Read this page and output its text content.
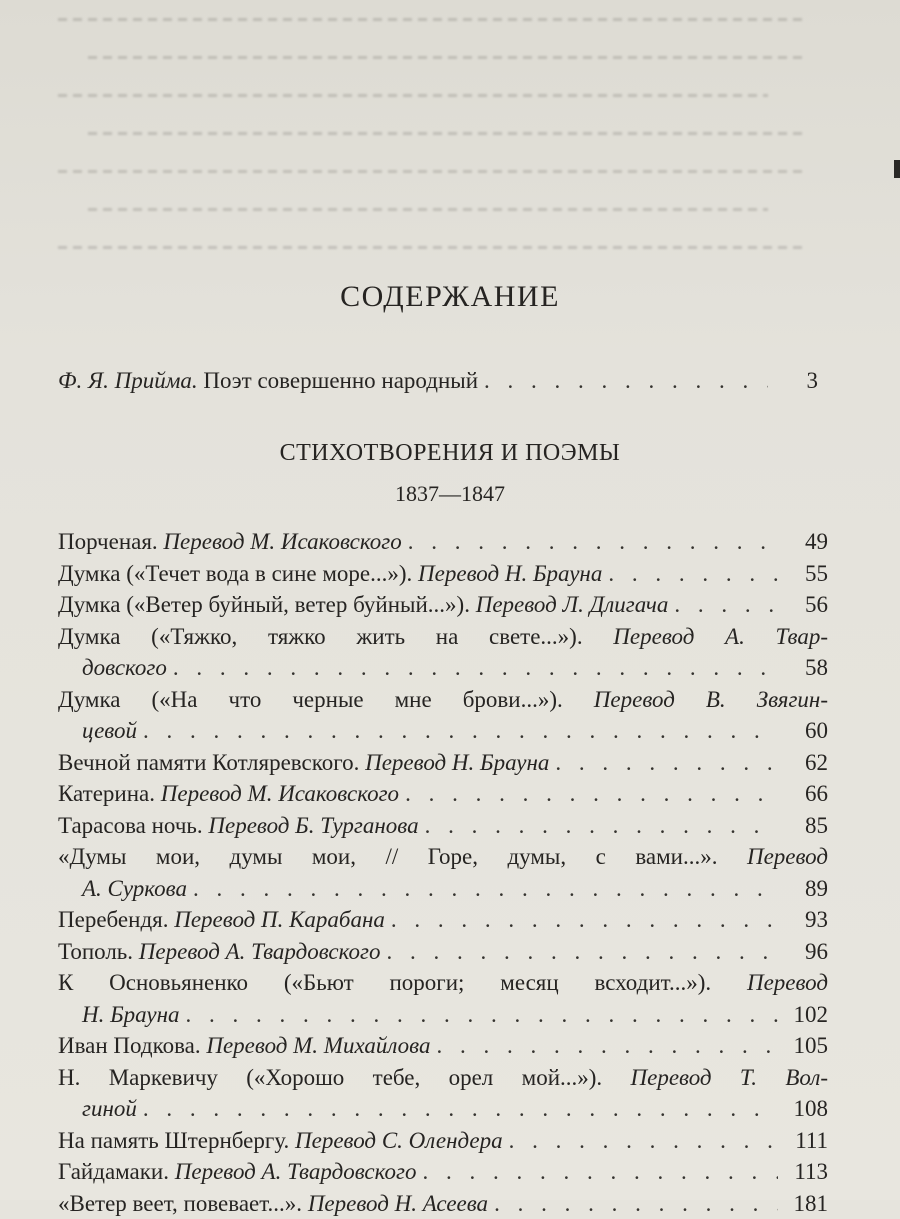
СОДЕРЖАНИЕ
Ф. Я. Прийма. Поэт совершенно народный . . .	3
СТИХОТВОРЕНИЯ И ПОЭМЫ
1837—1847
Порченая. Перевод М. Исаковского . . .	49
Думка («Течет вода в сине море...»). Перевод Н. Брауна . . .	55
Думка («Ветер буйный, ветер буйный...»). Перевод Л. Длигача . . .	56
Думка («Тяжко, тяжко жить на свете...»). Перевод А. Твар-
довского . . .	58
Думка («На что черные мне брови...»). Перевод В. Звягин-
цевой . . .	60
Вечной памяти Котляревского. Перевод Н. Брауна . . .	62
Катерина. Перевод М. Исаковского . . .	66
Тарасова ночь. Перевод Б. Турганова . . .	85
«Думы мои, думы мои, // Горе, думы, с вами...». Перевод
А. Суркова . . .	89
Перебендя. Перевод П. Карабана . . .	93
Тополь. Перевод А. Твардовского . . .	96
К Основьяненко («Бьют пороги; месяц всходит...»). Перевод
Н. Брауна . . .	102
Иван Подкова. Перевод М. Михайлова . . .	105
Н. Маркевичу («Хорошо тебе, орел мой...»). Перевод Т. Вол-
гиной . . .	108
На память Штернбергу. Перевод С. Олендера . . .	111
Гайдамаки. Перевод А. Твардовского . . .	113
«Ветер веет, повевает...». Перевод Н. Асеева . . .	181
